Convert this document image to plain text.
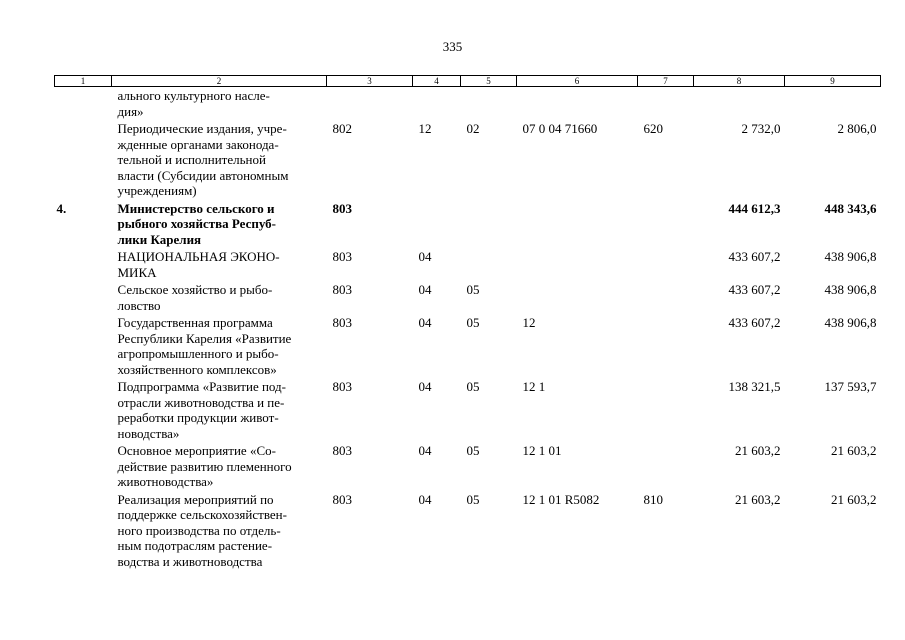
335
1	2	3	4	5	6	7	8	9
	ального культурного насле-
дия»							
	Периодические издания, учре-
жденные органами законода-
тельной и исполнительной
власти (Субсидии автономным
учреждениям)	802	12	02	07 0 04 71660	620	2 732,0	2 806,0
4.	Министерство сельского и
рыбного хозяйства Респуб-
лики Карелия	803					444 612,3	448 343,6
	НАЦИОНАЛЬНАЯ ЭКОНО-
МИКА	803	04				433 607,2	438 906,8
	Сельское хозяйство и рыбо-
ловство	803	04	05			433 607,2	438 906,8
	Государственная программа
Республики Карелия «Развитие
агропромышленного и рыбо-
хозяйственного комплексов»	803	04	05	12		433 607,2	438 906,8
	Подпрограмма «Развитие под-
отрасли животноводства и пе-
реработки продукции живот-
новодства»	803	04	05	12 1		138 321,5	137 593,7
	Основное мероприятие «Со-
действие развитию племенного
животноводства»	803	04	05	12 1 01		21 603,2	21 603,2
	Реализация мероприятий по
поддержке сельскохозяйствен-
ного производства по отдель-
ным подотраслям растение-
водства и животноводства	803	04	05	12 1 01 R5082	810	21 603,2	21 603,2
